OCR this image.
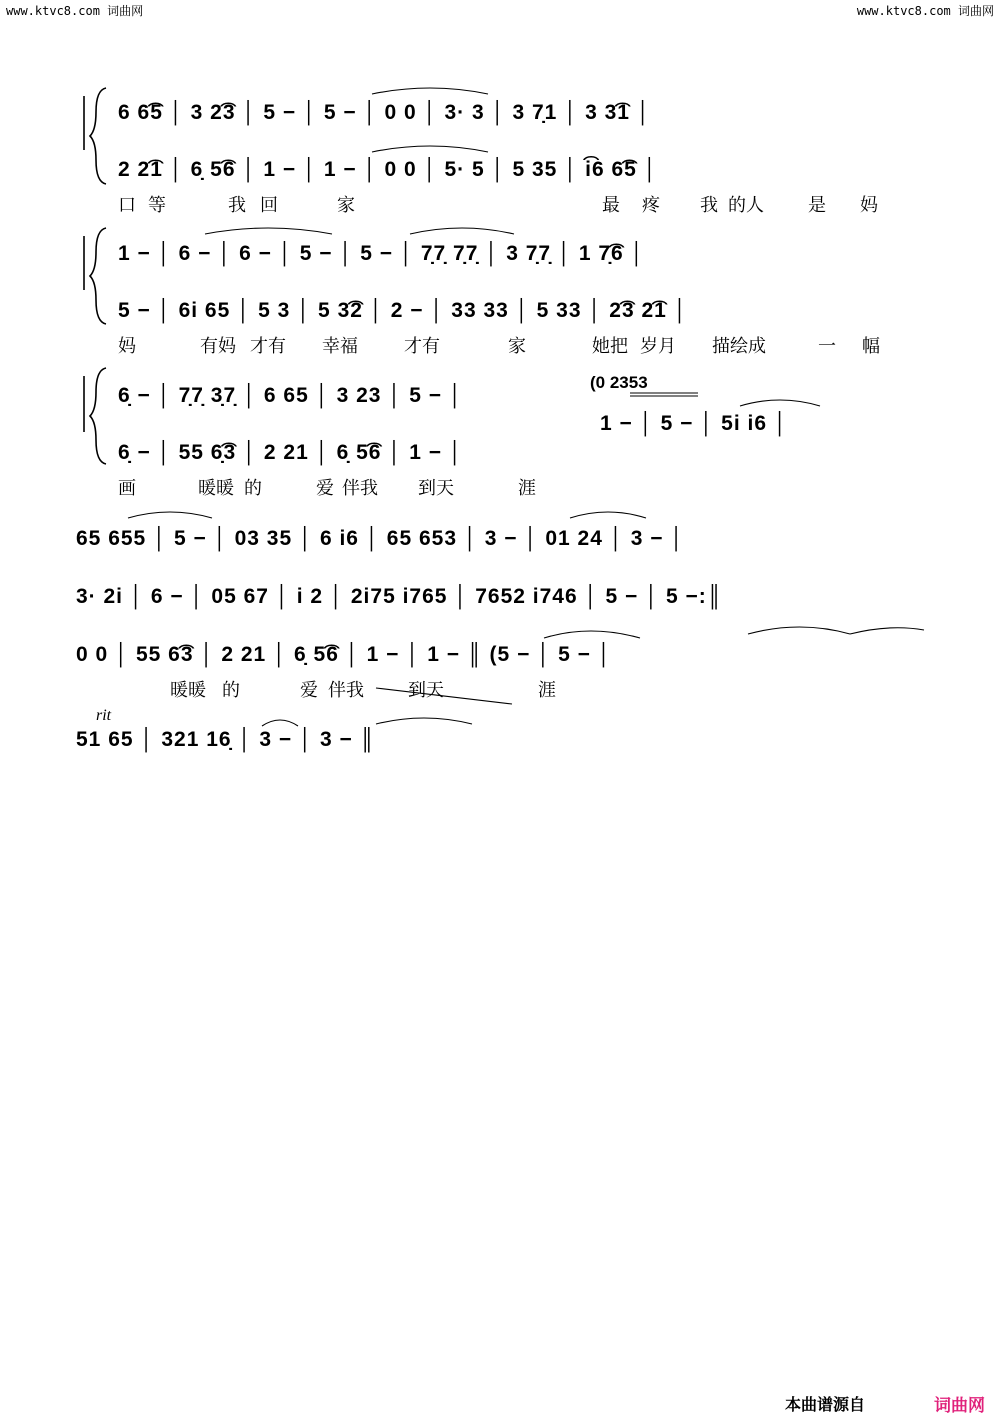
www.ktvc8.com 词曲网	www.ktvc8.com 词曲网
6 6͡5 │ 3 2͡3 │ 5 − │ 5 − │ 0 0 │ 3· 3 │ 3 7̣1 │ 3 3͡1 │
2 2͡1 │ 6̣ 5͡6 │ 1 − │ 1 − │ 0 0 │ 5· 5 │ 5 35 │ i͡6 6͡5 │
口 等	我 回	家	最 疼 我 的人 是 妈
1 − │ 6 − │ 6 − │ 5 − │ 5 − │ 7̣7̣ 7̣7̣ │ 3 7̣7̣ │ 1 7̣͡6 │
5 − │ 6i 65 │ 5 3 │ 5 3͡2 │ 2 − │ 33 33 │ 5 33 │ 2͡3 2͡1 │
妈	有妈 才有 幸福	才有	家	她把 岁月 描绘成	一 幅
6̣ − │ 7̣7̣ 3̣7̣ │ 6 65 │ 3 23 │ 5 − │
6̣ − │ 55 6̣͡3 │ 2 21 │ 6̣ 5͡6 │ 1 − │
(0 2353
1 − │ 5 − │ 5i i6 │
画	暖暖 的	爱 伴我 到天	涯
65 655 │ 5 − │ 03 35 │ 6 i6 │ 65 653 │ 3 − │ 01 24 │ 3 − │
3· 2i │ 6 − │ 05 67 │ i 2 │ 2i75 i765 │ 7652 i746 │ 5 − │ 5 −:║
0 0 │ 55 6͡3 │ 2 21 │ 6̣ 5͡6 │ 1 − │ 1 − ║ (5 − │ 5 − │
暖暖 的	爱 伴我 到天	涯
rit
51 65 │ 321 16̣ │ 3 − │ 3 − ║
本曲谱源自	词曲网
